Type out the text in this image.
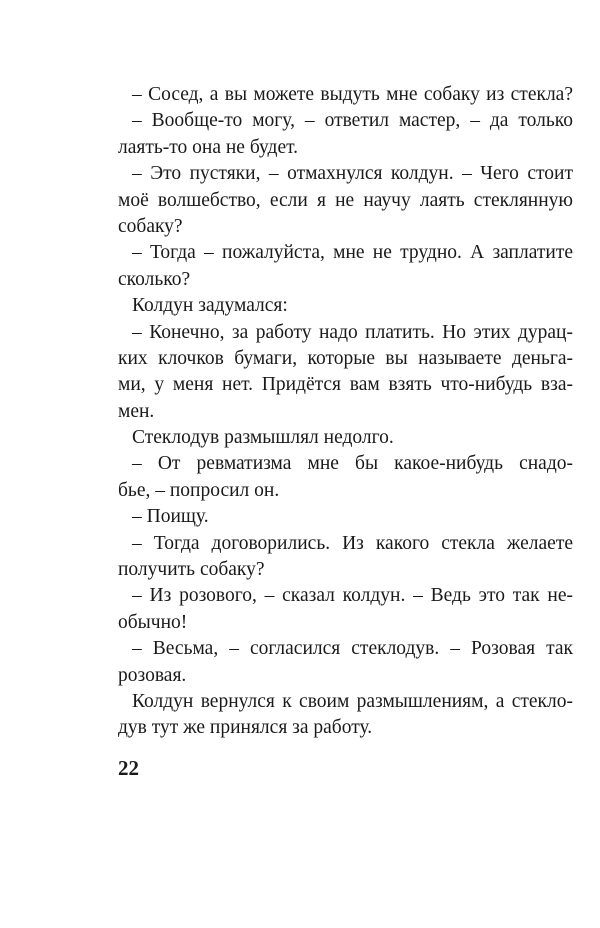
– Сосед, а вы можете выдуть мне собаку из стекла?
– Вообще-то могу, – ответил мастер, – да только
лаять-то она не будет.
– Это пустяки, – отмахнулся колдун. – Чего стоит
моё волшебство, если я не научу лаять стеклянную
собаку?
– Тогда – пожалуйста, мне не трудно. А заплатите
сколько?
Колдун задумался:
– Конечно, за работу надо платить. Но этих дурац-
ких клочков бумаги, которые вы называете деньга-
ми, у меня нет. Придётся вам взять что-нибудь вза-
мен.
Стеклодув размышлял недолго.
– От ревматизма мне бы какое-нибудь снадо-
бье, – попросил он.
– Поищу.
– Тогда договорились. Из какого стекла желаете
получить собаку?
– Из розового, – сказал колдун. – Ведь это так не-
обычно!
– Весьма, – согласился стеклодув. – Розовая так
розовая.
Колдун вернулся к своим размышлениям, а стекло-
дув тут же принялся за работу.
22
